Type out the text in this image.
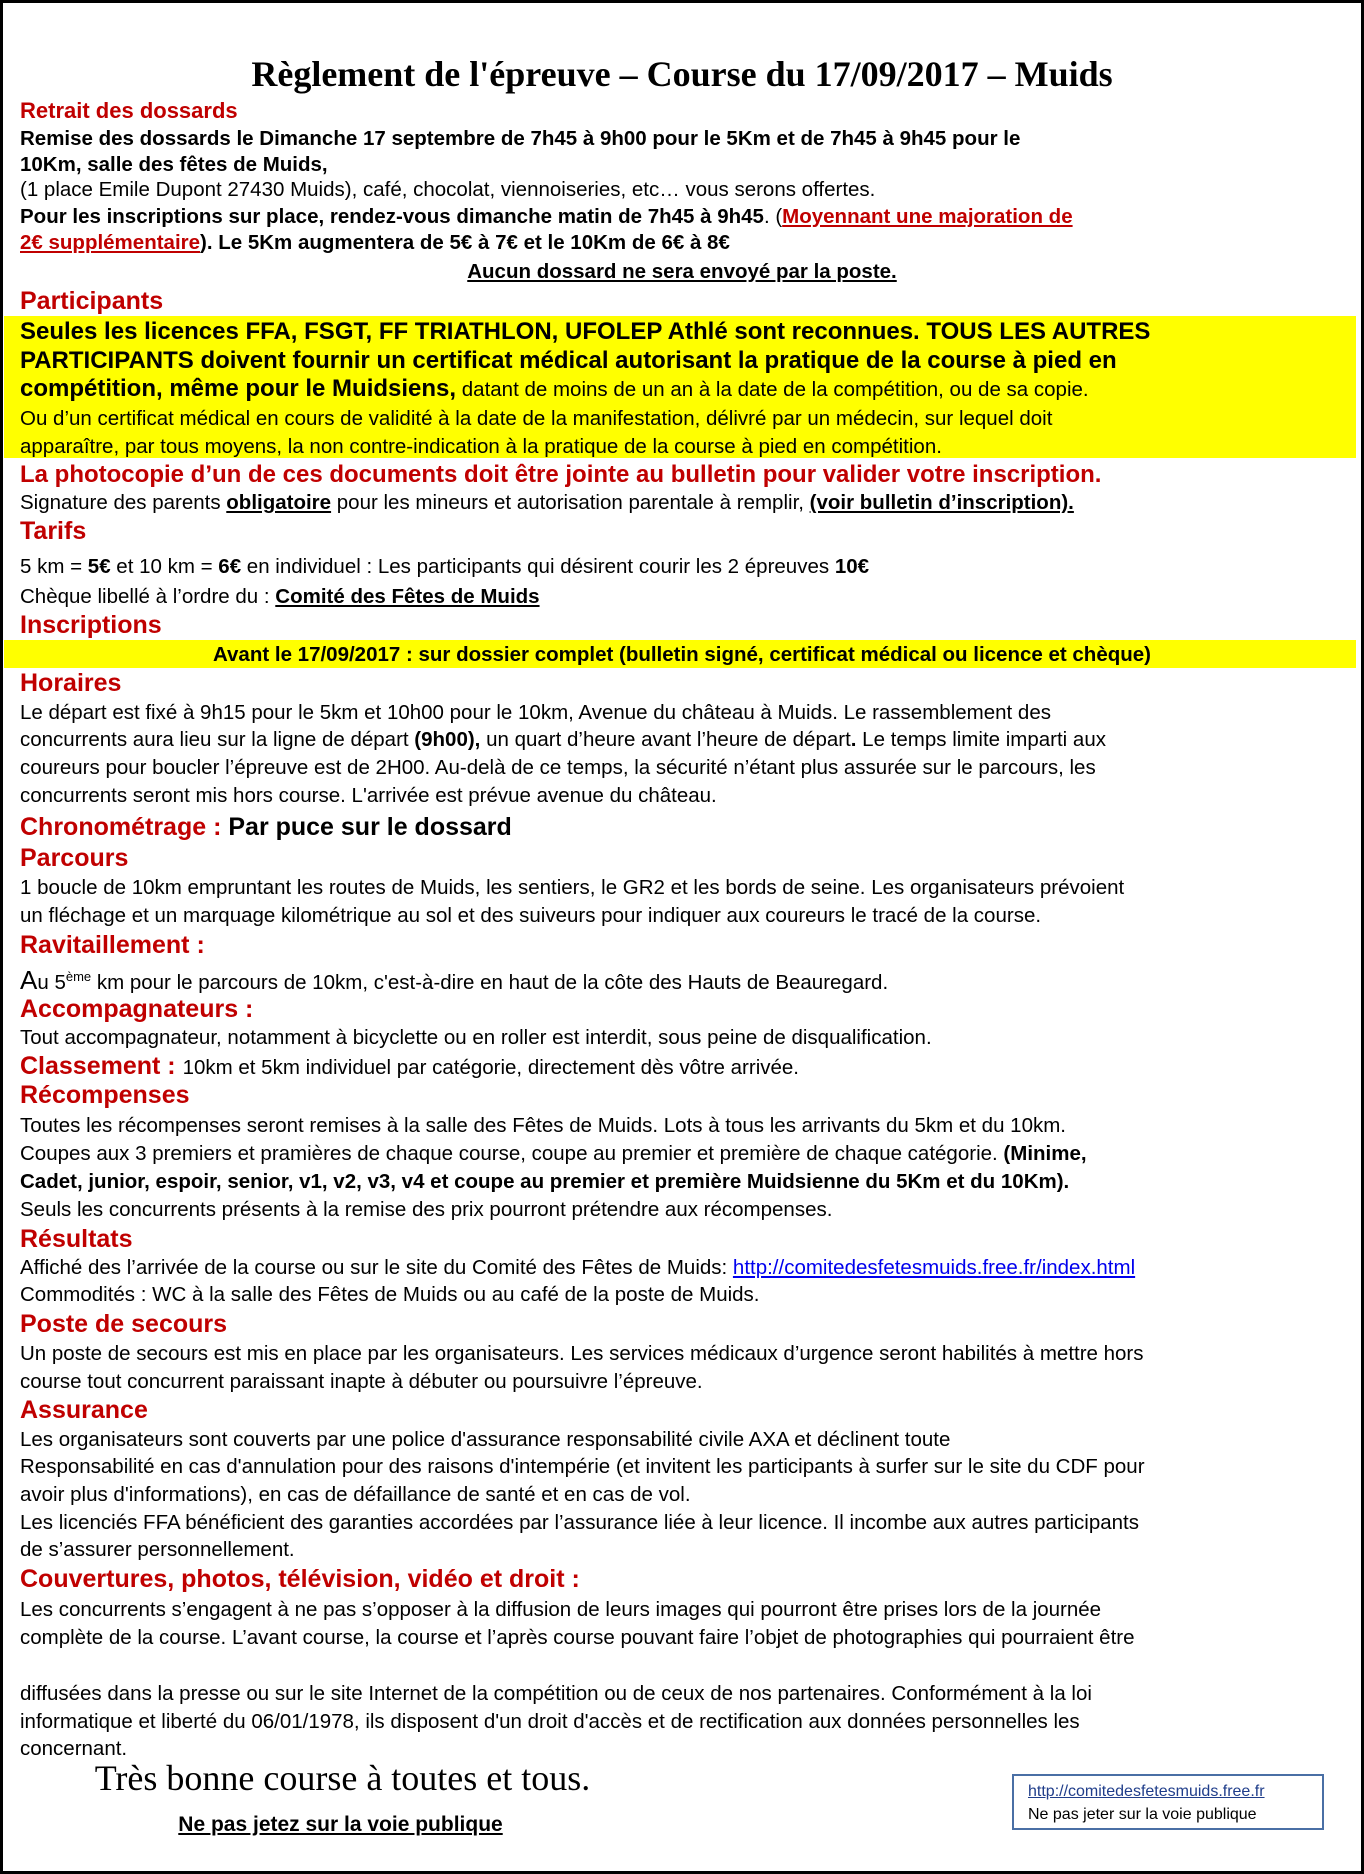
Règlement de l'épreuve – Course du 17/09/2017 – Muids
Retrait des dossards
Remise des dossards le Dimanche 17 septembre de 7h45 à 9h00 pour le 5Km et de 7h45 à 9h45 pour le
10Km, salle des fêtes de Muids,
(1 place Emile Dupont 27430 Muids), café, chocolat, viennoiseries, etc… vous serons offertes.
Pour les inscriptions sur place, rendez-vous dimanche matin de 7h45 à 9h45. (Moyennant une majoration de
2€ supplémentaire). Le 5Km augmentera de 5€ à 7€ et le 10Km de 6€ à 8€
Aucun dossard ne sera envoyé par la poste.
Participants
Seules les licences FFA, FSGT, FF TRIATHLON, UFOLEP Athlé sont reconnues. TOUS LES AUTRES
PARTICIPANTS doivent fournir un certificat médical autorisant la pratique de la course à pied en
compétition, même pour le Muidsiens, datant de moins de un an à la date de la compétition, ou de sa copie.
Ou d’un certificat médical en cours de validité à la date de la manifestation, délivré par un médecin, sur lequel doit
apparaître, par tous moyens, la non contre-indication à la pratique de la course à pied en compétition.
La photocopie d’un de ces documents doit être jointe au bulletin pour valider votre inscription.
Signature des parents obligatoire pour les mineurs et autorisation parentale à remplir, (voir bulletin d’inscription).
Tarifs
5 km = 5€ et 10 km = 6€ en individuel : Les participants qui désirent courir les 2 épreuves 10€
Chèque libellé à l’ordre du : Comité des Fêtes de Muids
Inscriptions
Avant le 17/09/2017 : sur dossier complet (bulletin signé, certificat médical ou licence et chèque)
Horaires
Le départ est fixé à 9h15 pour le 5km et 10h00 pour le 10km, Avenue du château à Muids. Le rassemblement des
concurrents aura lieu sur la ligne de départ (9h00), un quart d’heure avant l’heure de départ. Le temps limite imparti aux
coureurs pour boucler l’épreuve est de 2H00. Au-delà de ce temps, la sécurité n’étant plus assurée sur le parcours, les
concurrents seront mis hors course. L'arrivée est prévue avenue du château.
Chronométrage : Par puce sur le dossard
Parcours
1 boucle de 10km empruntant les routes de Muids, les sentiers, le GR2 et les bords de seine. Les organisateurs prévoient
un fléchage et un marquage kilométrique au sol et des suiveurs pour indiquer aux coureurs le tracé de la course.
Ravitaillement :
Au 5ème km pour le parcours de 10km, c'est-à-dire en haut de la côte des Hauts de Beauregard.
Accompagnateurs :
Tout accompagnateur, notamment à bicyclette ou en roller est interdit, sous peine de disqualification.
Classement : 10km et 5km individuel par catégorie, directement dès vôtre arrivée.
Récompenses
Toutes les récompenses seront remises à la salle des Fêtes de Muids. Lots à tous les arrivants du 5km et du 10km.
Coupes aux 3 premiers et pramières de chaque course, coupe au premier et première de chaque catégorie. (Minime,
Cadet, junior, espoir, senior, v1, v2, v3, v4 et coupe au premier et première Muidsienne du 5Km et du 10Km).
Seuls les concurrents présents à la remise des prix pourront prétendre aux récompenses.
Résultats
Affiché des l’arrivée de la course ou sur le site du Comité des Fêtes de Muids: http://comitedesfetesmuids.free.fr/index.html
Commodités : WC à la salle des Fêtes de Muids ou au café de la poste de Muids.
Poste de secours
Un poste de secours est mis en place par les organisateurs. Les services médicaux d’urgence seront habilités à mettre hors
course tout concurrent paraissant inapte à débuter ou poursuivre l’épreuve.
Assurance
Les organisateurs sont couverts par une police d'assurance responsabilité civile AXA et déclinent toute
Responsabilité en cas d'annulation pour des raisons d'intempérie (et invitent les participants à surfer sur le site du CDF pour
avoir plus d'informations), en cas de défaillance de santé et en cas de vol.
Les licenciés FFA bénéficient des garanties accordées par l’assurance liée à leur licence. Il incombe aux autres participants
de s’assurer personnellement.
Couvertures, photos, télévision, vidéo et droit :
Les concurrents s’engagent à ne pas s’opposer à la diffusion de leurs images qui pourront être prises lors de la journée
complète de la course. L’avant course, la course et l’après course pouvant faire l’objet de photographies qui pourraient être
diffusées dans la presse ou sur le site Internet de la compétition ou de ceux de nos partenaires. Conformément à la loi
informatique et liberté du 06/01/1978, ils disposent d'un droit d'accès et de rectification aux données personnelles les
concernant.
Très bonne course à toutes et tous.
Ne pas jetez sur la voie publique
http://comitedesfetesmuids.free.fr
Ne pas jeter sur la voie publique
